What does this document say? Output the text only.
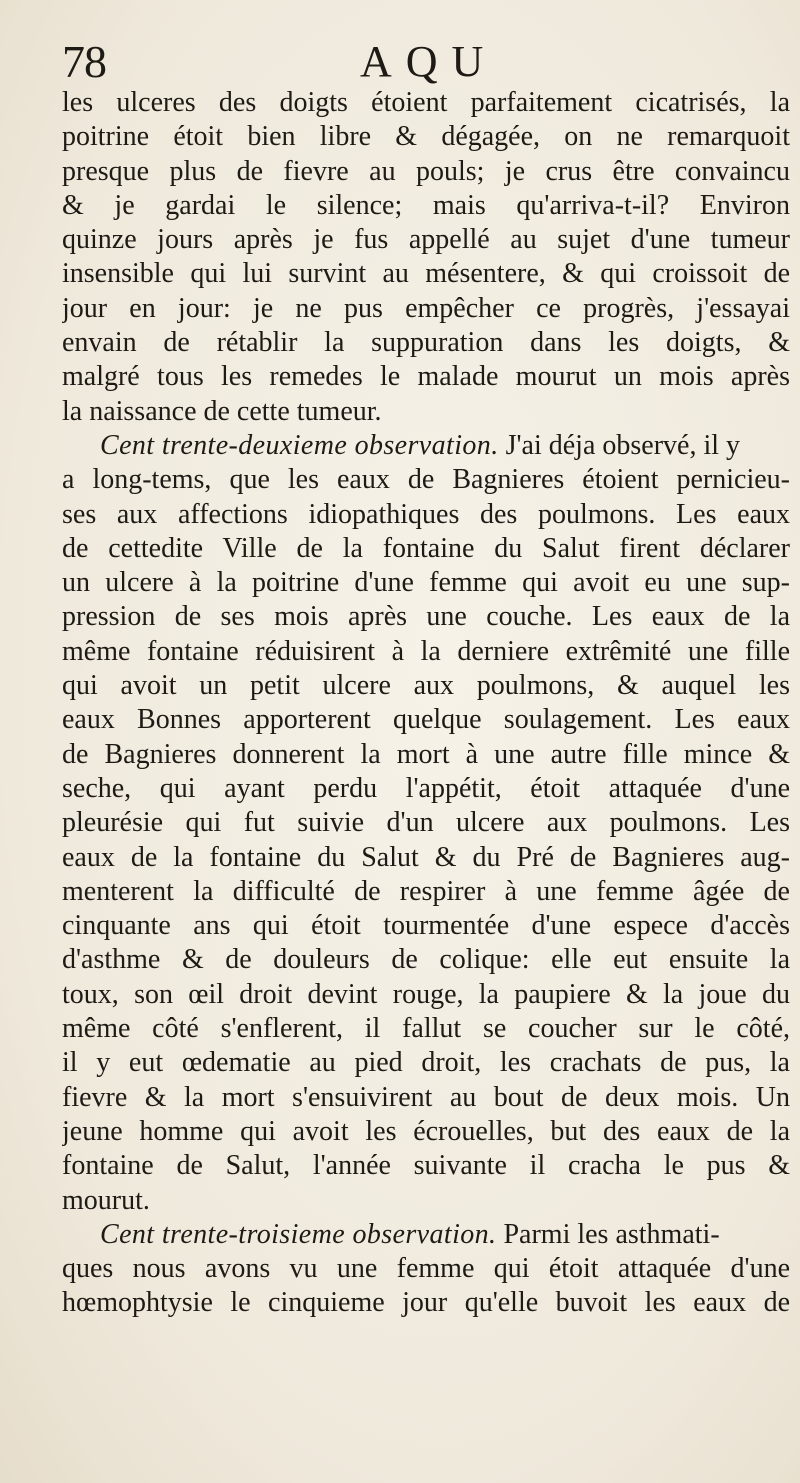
78	AQU
les ulceres des doigts étoient parfaitement cicatrisés, la
poitrine étoit bien libre & dégagée, on ne remarquoit
presque plus de fievre au pouls; je crus être convaincu
& je gardai le silence; mais qu'arriva-t-il? Environ
quinze jours après je fus appellé au sujet d'une tumeur
insensible qui lui survint au mésentere, & qui croissoit de
jour en jour: je ne pus empêcher ce progrès, j'essayai
envain de rétablir la suppuration dans les doigts, &
malgré tous les remedes le malade mourut un mois après
la naissance de cette tumeur.
Cent trente-deuxieme observation. J'ai déja observé, il y
a long-tems, que les eaux de Bagnieres étoient pernicieu-
ses aux affections idiopathiques des poulmons. Les eaux
de cettedite Ville de la fontaine du Salut firent déclarer
un ulcere à la poitrine d'une femme qui avoit eu une sup-
pression de ses mois après une couche. Les eaux de la
même fontaine réduisirent à la derniere extrêmité une fille
qui avoit un petit ulcere aux poulmons, & auquel les
eaux Bonnes apporterent quelque soulagement. Les eaux
de Bagnieres donnerent la mort à une autre fille mince &
seche, qui ayant perdu l'appétit, étoit attaquée d'une
pleurésie qui fut suivie d'un ulcere aux poulmons. Les
eaux de la fontaine du Salut & du Pré de Bagnieres aug-
menterent la difficulté de respirer à une femme âgée de
cinquante ans qui étoit tourmentée d'une espece d'accès
d'asthme & de douleurs de colique: elle eut ensuite la
toux, son œil droit devint rouge, la paupiere & la joue du
même côté s'enflerent, il fallut se coucher sur le côté,
il y eut œdematie au pied droit, les crachats de pus, la
fievre & la mort s'ensuivirent au bout de deux mois. Un
jeune homme qui avoit les écrouelles, but des eaux de la
fontaine de Salut, l'année suivante il cracha le pus &
mourut.
Cent trente-troisieme observation. Parmi les asthmati-
ques nous avons vu une femme qui étoit attaquée d'une
hœmophtysie le cinquieme jour qu'elle buvoit les eaux de
